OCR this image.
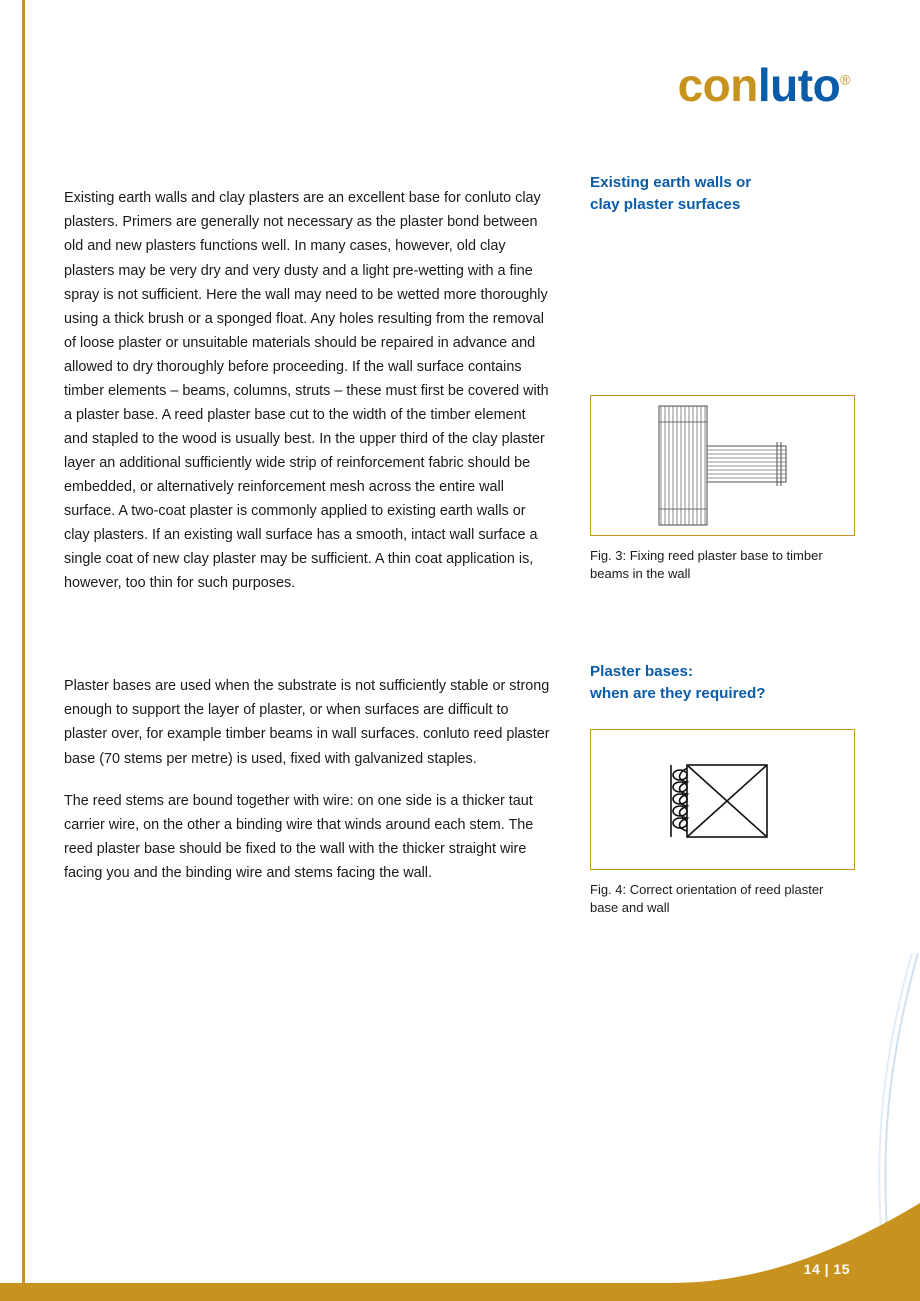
conluto®

Existing earth walls and clay plasters are an excellent base for conluto clay plasters. Primers are generally not necessary as the plaster bond between old and new plasters functions well. In many cases, however, old clay plasters may be very dry and very dusty and a light pre-wetting with a fine spray is not sufficient. Here the wall may need to be wetted more thoroughly using a thick brush or a sponged float. Any holes resulting from the removal of loose plaster or unsuitable materials should be repaired in advance and allowed to dry thoroughly before proceeding. If the wall surface contains timber elements – beams, columns, struts – these must first be covered with a plaster base. A reed plaster base cut to the width of the timber element and stapled to the wood is usually best. In the upper third of the clay plaster layer an additional sufficiently wide strip of reinforcement fabric should be embedded, or alternatively reinforcement mesh across the entire wall surface. A two-coat plaster is commonly applied to existing earth walls or clay plasters. If an existing wall surface has a smooth, intact wall surface a single coat of new clay plaster may be sufficient. A thin coat application is, however, too thin for such purposes.

Plaster bases are used when the substrate is not sufficiently stable or strong enough to support the layer of plaster, or when surfaces are difficult to plaster over, for example timber beams in wall surfaces. conluto reed plaster base (70 stems per metre) is used, fixed with galvanized staples.

The reed stems are bound together with wire: on one side is a thicker taut carrier wire, on the other a binding wire that winds around each stem. The reed plaster base should be fixed to the wall with the thicker straight wire facing you and the binding wire and stems facing the wall.

Existing earth walls or
clay plaster surfaces
Fig. 3: Fixing reed plaster base to timber beams in the wall
Plaster bases:
when are they required?
Fig. 4: Correct orientation of reed plaster base and wall
14 | 15
